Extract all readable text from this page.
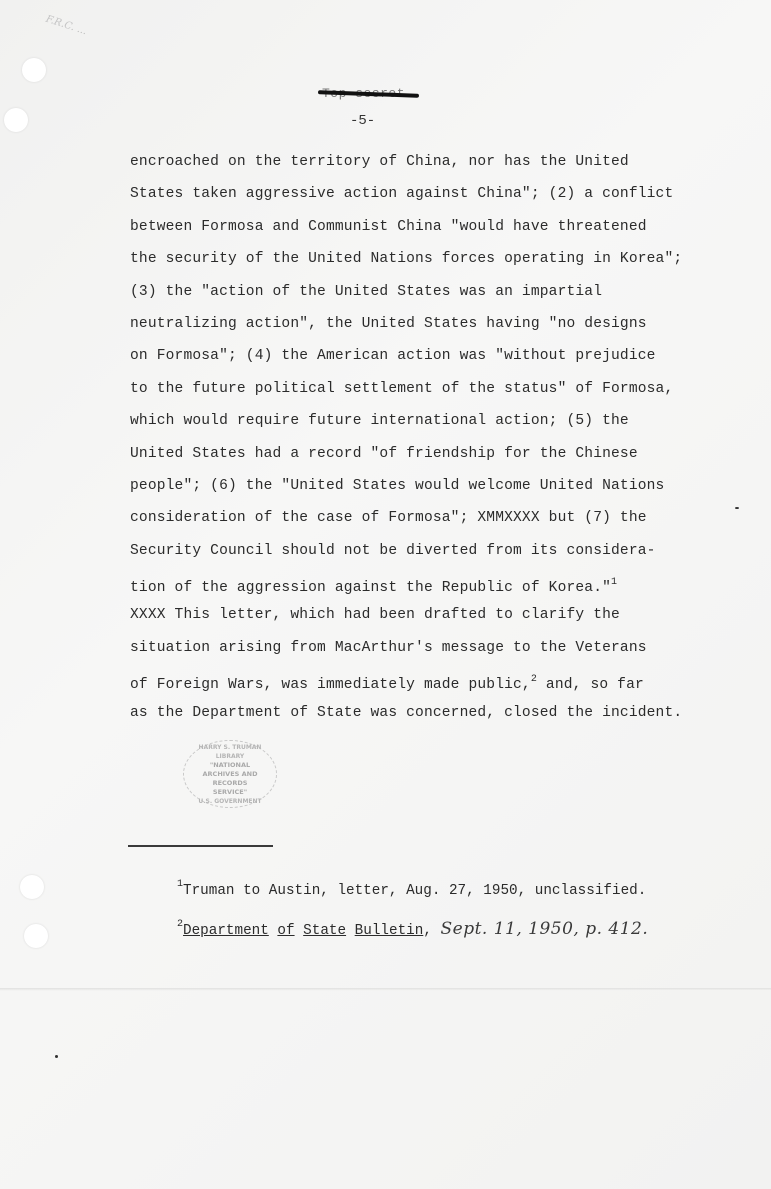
F.R.C. ...
-5-
encroached on the territory of China, nor has the United
States taken aggressive action against China"; (2) a conflict
between Formosa and Communist China "would have threatened
the security of the United Nations forces operating in Korea";
(3) the "action of the United States was an impartial
neutralizing action", the United States having "no designs
on Formosa"; (4) the American action was "without prejudice
to the future political settlement of the status" of Formosa,
which would require future international action; (5) the
United States had a record "of friendship for the Chinese
people"; (6) the "United States would welcome United Nations
consideration of the case of Formosa"; XMMXXXX but (7) the
Security Council should not be diverted from its considera-
tion of the aggression against the Republic of Korea."$^1$
XXXX This letter, which had been drafted to clarify the
situation arising from MacArthur's message to the Veterans
of Foreign Wars, was immediately made public,$^2$ and, so far
as the Department of State was concerned, closed the incident.
HARRY S. TRUMAN LIBRARY
"NATIONAL
ARCHIVES AND
RECORDS
SERVICE"
U.S. GOVERNMENT
$^1$Truman to Austin, letter, Aug. 27, 1950, unclassified.
$^2$Department of State Bulletin, Sept. 11, 1950, p. 412.
